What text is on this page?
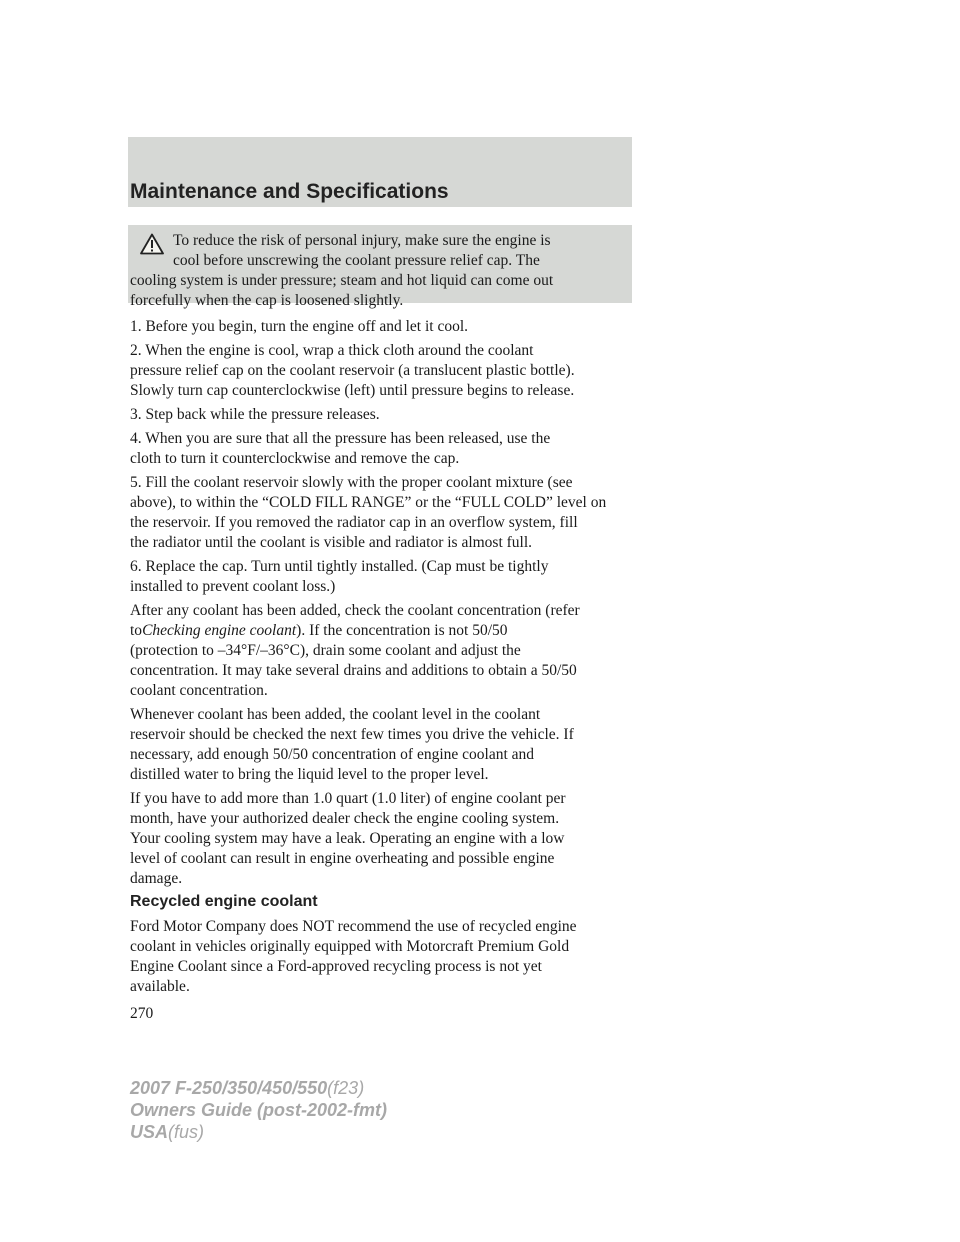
Maintenance and Specifications
To reduce the risk of personal injury, make sure the engine is
cool before unscrewing the coolant pressure relief cap. The
cooling system is under pressure; steam and hot liquid can come out
forcefully when the cap is loosened slightly.
1. Before you begin, turn the engine off and let it cool.
2. When the engine is cool, wrap a thick cloth around the coolant
pressure relief cap on the coolant reservoir (a translucent plastic bottle).
Slowly turn cap counterclockwise (left) until pressure begins to release.
3. Step back while the pressure releases.
4. When you are sure that all the pressure has been released, use the
cloth to turn it counterclockwise and remove the cap.
5. Fill the coolant reservoir slowly with the proper coolant mixture (see
above), to within the “COLD FILL RANGE” or the “FULL COLD” level on
the reservoir. If you removed the radiator cap in an overflow system, fill
the radiator until the coolant is visible and radiator is almost full.
6. Replace the cap. Turn until tightly installed. (Cap must be tightly
installed to prevent coolant loss.)
After any coolant has been added, check the coolant concentration (refer
toChecking engine coolant). If the concentration is not 50/50
(protection to –34°F/–36°C), drain some coolant and adjust the
concentration. It may take several drains and additions to obtain a 50/50
coolant concentration.
Whenever coolant has been added, the coolant level in the coolant
reservoir should be checked the next few times you drive the vehicle. If
necessary, add enough 50/50 concentration of engine coolant and
distilled water to bring the liquid level to the proper level.
If you have to add more than 1.0 quart (1.0 liter) of engine coolant per
month, have your authorized dealer check the engine cooling system.
Your cooling system may have a leak. Operating an engine with a low
level of coolant can result in engine overheating and possible engine
damage.
Recycled engine coolant
Ford Motor Company does NOT recommend the use of recycled engine
coolant in vehicles originally equipped with Motorcraft Premium Gold
Engine Coolant since a Ford-approved recycling process is not yet
available.
270
2007 F-250/350/450/550(f23)
Owners Guide (post-2002-fmt)
USA(fus)
